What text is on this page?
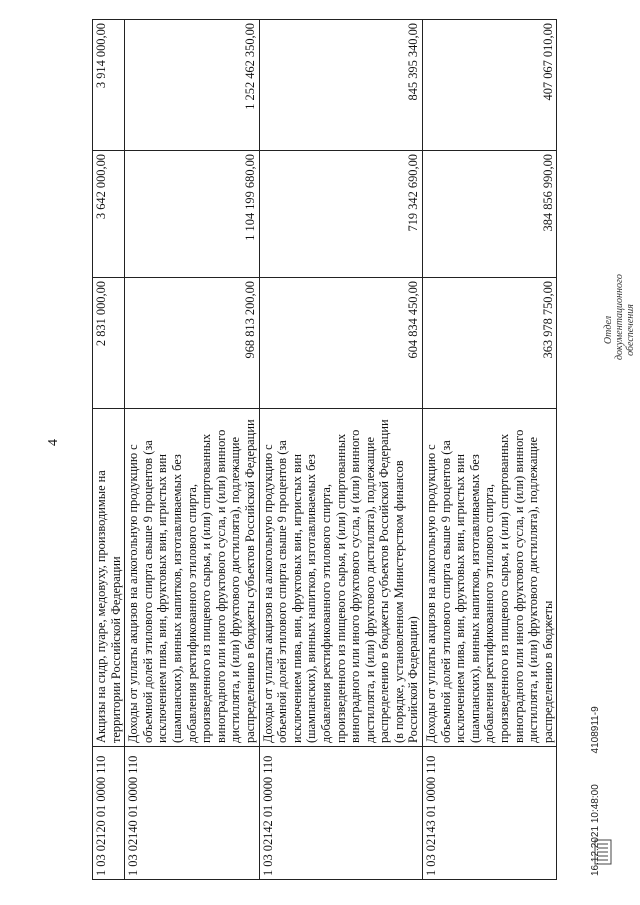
4
1 03 02120 01 0000 110	Акцизы на сидр, пуаре, медовуху, производимые на территории Российской Федерации	2 831 000,00	3 642 000,00	3 914 000,00
1 03 02140 01 0000 110	Доходы от уплаты акцизов на алкогольную продукцию с объемной долей этилового спирта свыше 9 процентов (за исключением пива, вин, фруктовых вин, игристых вин (шампанских), винных напитков, изготавливаемых без добавления ректификованного этилового спирта, произведенного из пищевого сырья, и (или) спиртованных виноградного или иного фруктового сусла, и (или) винного дистиллята, и (или) фруктового дистиллята), подлежащие распределению в бюджеты субъектов Российской Федерации	968 813 200,00	1 104 199 680,00	1 252 462 350,00
1 03 02142 01 0000 110	Доходы от уплаты акцизов на алкогольную продукцию с объемной долей этилового спирта свыше 9 процентов (за исключением пива, вин, фруктовых вин, игристых вин (шампанских), винных напитков, изготавливаемых без добавления ректификованного этилового спирта, произведенного из пищевого сырья, и (или) спиртованных виноградного или иного фруктового сусла, и (или) винного дистиллята, и (или) фруктового дистиллята), подлежащие распределению в бюджеты субъектов Российской Федерации (в порядке, установленном Министерством финансов Российской Федерации)	604 834 450,00	719 342 690,00	845 395 340,00
1 03 02143 01 0000 110	Доходы от уплаты акцизов на алкогольную продукцию с объемной долей этилового спирта свыше 9 процентов (за исключением пива, вин, фруктовых вин, игристых вин (шампанских), винных напитков, изготавливаемых без добавления ректификованного этилового спирта, произведенного из пищевого сырья, и (или) спиртованных виноградного или иного фруктового сусла, и (или) винного дистиллята, и (или) фруктового дистиллята), подлежащие распределению в бюджеты	363 978 750,00	384 856 990,00	407 067 010,00
Отдел документационного обеспечения
16.12.2021 10:48:00 4108911-9
